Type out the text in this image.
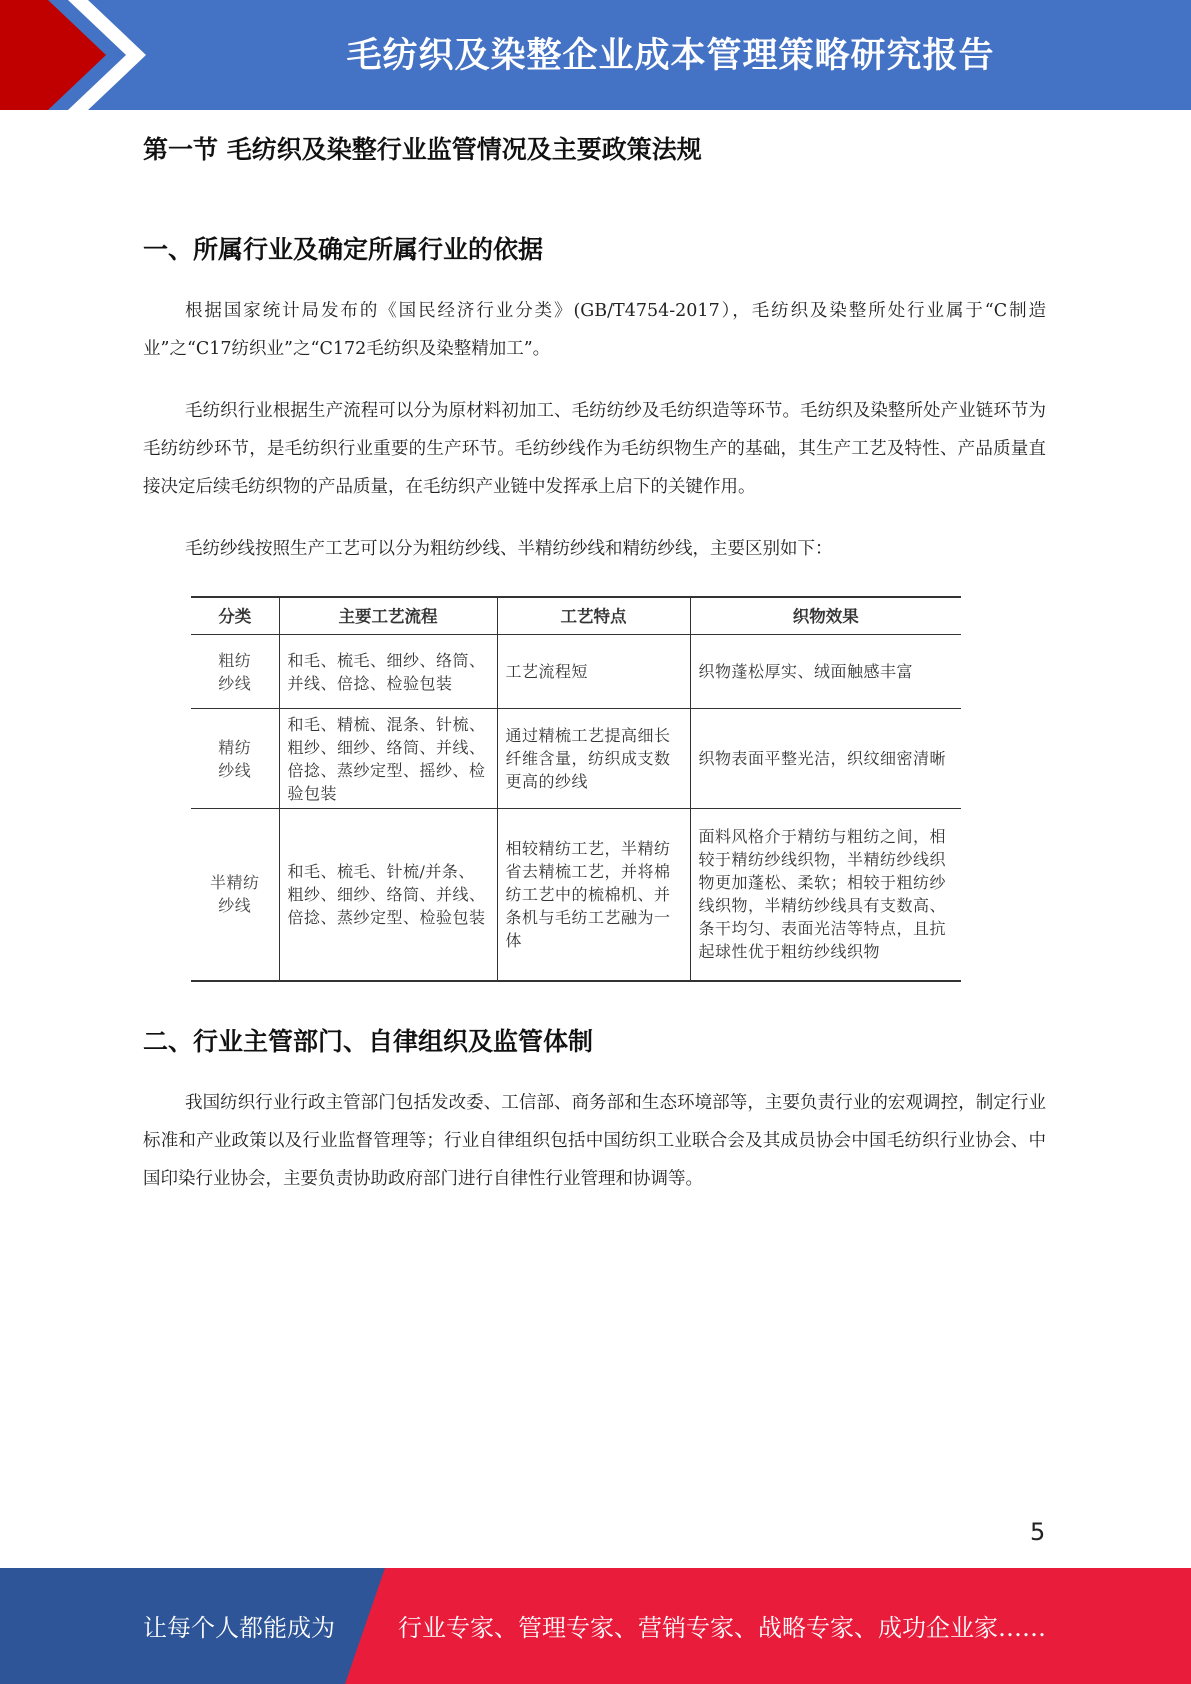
毛纺织及染整企业成本管理策略研究报告
第一节 毛纺织及染整行业监管情况及主要政策法规
一、所属行业及确定所属行业的依据

根据国家统计局发布的《国民经济行业分类》(GB/T4754-2017），毛纺织及染整所处行业属于“C制造业”之“C17纺织业”之“C172毛纺织及染整精加工”。

毛纺织行业根据生产流程可以分为原材料初加工、毛纺纺纱及毛纺织造等环节。毛纺织及染整所处产业链环节为毛纺纺纱环节，是毛纺织行业重要的生产环节。毛纺纱线作为毛纺织物生产的基础，其生产工艺及特性、产品质量直接决定后续毛纺织物的产品质量，在毛纺织产业链中发挥承上启下的关键作用。

毛纺纱线按照生产工艺可以分为粗纺纱线、半精纺纱线和精纺纱线，主要区别如下：

分类	主要工艺流程	工艺特点	织物效果
粗纺
纱线	和毛、梳毛、细纱、络筒、并线、倍捻、检验包装	工艺流程短	织物蓬松厚实、绒面触感丰富
精纺
纱线	和毛、精梳、混条、针梳、粗纱、细纱、络筒、并线、倍捻、蒸纱定型、摇纱、检验包装	通过精梳工艺提高细长纤维含量，纺织成支数更高的纱线	织物表面平整光洁，织纹细密清晰
半精纺
纱线	和毛、梳毛、针梳/并条、粗纱、细纱、络筒、并线、倍捻、蒸纱定型、检验包装	相较精纺工艺，半精纺省去精梳工艺，并将棉纺工艺中的梳棉机、并条机与毛纺工艺融为一体	面料风格介于精纺与粗纺之间，相较于精纺纱线织物，半精纺纱线织物更加蓬松、柔软；相较于粗纺纱线织物，半精纺纱线具有支数高、条干均匀、表面光洁等特点，且抗起球性优于粗纺纱线织物
二、行业主管部门、自律组织及监管体制

我国纺织行业行政主管部门包括发改委、工信部、商务部和生态环境部等，主要负责行业的宏观调控，制定行业标准和产业政策以及行业监督管理等；行业自律组织包括中国纺织工业联合会及其成员协会中国毛纺织行业协会、中国印染行业协会，主要负责协助政府部门进行自律性行业管理和协调等。

5
让每个人都能成为	行业专家、管理专家、营销专家、战略专家、成功企业家……
